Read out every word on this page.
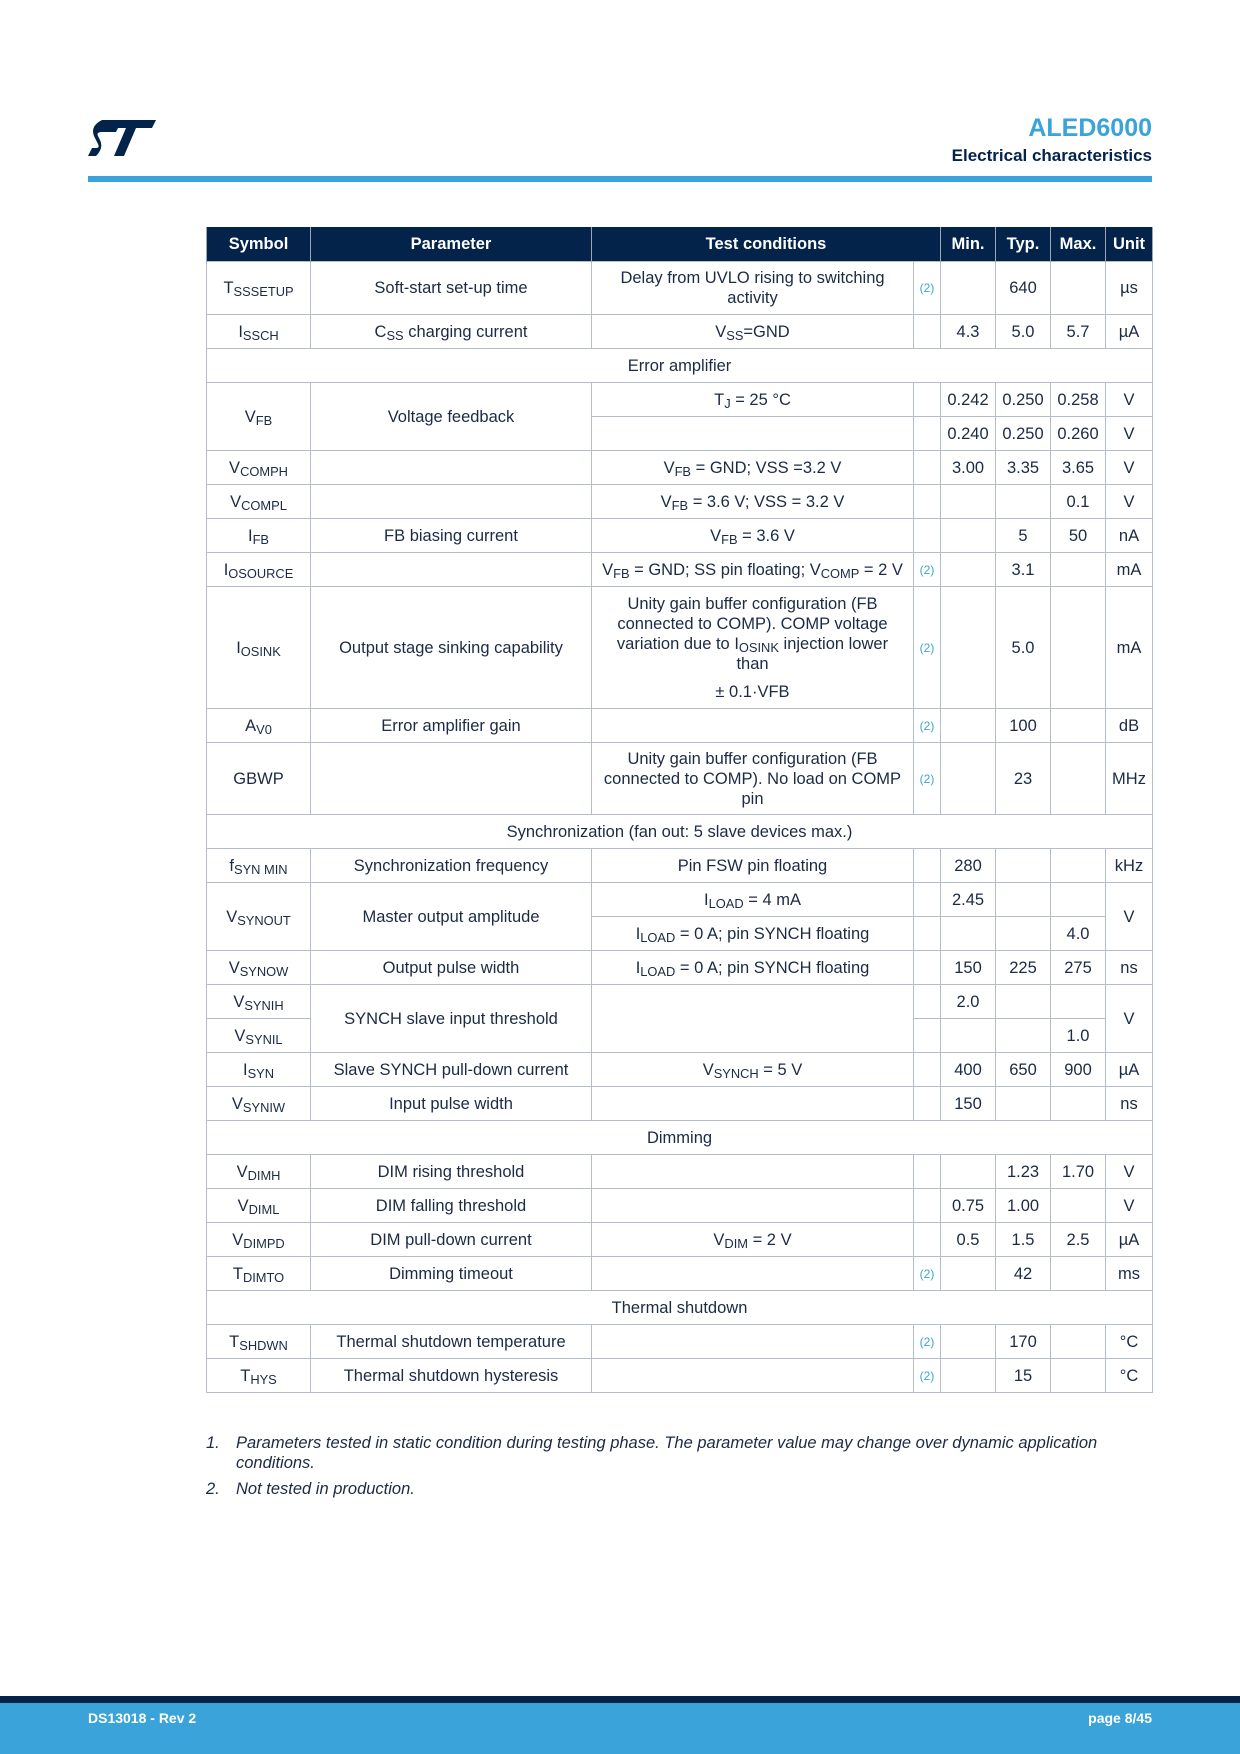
ALED6000
Electrical characteristics
Symbol	Parameter	Test conditions		Min.	Typ.	Max.	Unit
$T_{SSSETUP}$	Soft-start set-up time	Delay from UVLO rising to switching activity	(2)		640		µs
$I_{SSCH}$	$C_{SS}$ charging current	$V_{SS}=GND$		4.3	5.0	5.7	µA
Error amplifier							
$V_{FB}$	Voltage feedback	$T_J = 25$ °C		0.242	0.250	0.258	V
				0.240	0.250	0.260	V
$V_{COMPH}$		$V_{FB}$ = GND; VSS =3.2 V		3.00	3.35	3.65	V
$V_{COMPL}$		$V_{FB} = 3.6$ V; VSS = 3.2 V				0.1	V
$I_{FB}$	FB biasing current	$V_{FB} = 3.6$ V			5	50	nA
$I_{OSOURCE}$		$V_{FB}$ = GND; SS pin floating; $V_{COMP} = 2$ V	(2)		3.1		mA
$I_{OSINK}$	Output stage sinking capability	Unity gain buffer configuration (FB connected to COMP). COMP voltage variation due to $I_{OSINK}$ injection lower than
± 0.1·VFB	(2)		5.0		mA
$A_{V0}$	Error amplifier gain		(2)		100		dB
GBWP		Unity gain buffer configuration (FB connected to COMP). No load on COMP pin	(2)		23		MHz
Synchronization (fan out: 5 slave devices max.)							
$f_{SYN MIN}$	Synchronization frequency	Pin FSW pin floating		280			kHz
$V_{SYNOUT}$	Master output amplitude	$I_{LOAD} = 4$ mA		2.45			V
		$I_{LOAD} = 0$ A; pin SYNCH floating				4.0	
$V_{SYNOW}$	Output pulse width	$I_{LOAD} = 0$ A; pin SYNCH floating		150	225	275	ns
$V_{SYNIH}$	SYNCH slave input threshold			2.0			V
$V_{SYNIL}$						1.0	
$I_{SYN}$	Slave SYNCH pull-down current	$V_{SYNCH} = 5$ V		400	650	900	µA
$V_{SYNIW}$	Input pulse width			150			ns
Dimming							
$V_{DIMH}$	DIM rising threshold				1.23	1.70	V
$V_{DIML}$	DIM falling threshold			0.75	1.00		V
$V_{DIMPD}$	DIM pull-down current	$V_{DIM} = 2$ V		0.5	1.5	2.5	µA
$T_{DIMTO}$	Dimming timeout		(2)		42		ms
Thermal shutdown							
$T_{SHDWN}$	Thermal shutdown temperature		(2)		170		°C
$T_{HYS}$	Thermal shutdown hysteresis		(2)		15		°C
1. Parameters tested in static condition during testing phase. The parameter value may change over dynamic application conditions.
2. Not tested in production.
DS13018 - Rev 2	page 8/45
